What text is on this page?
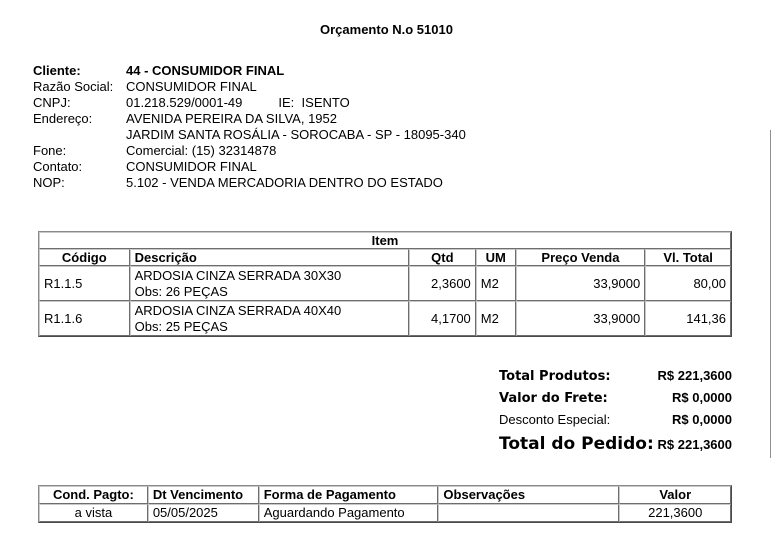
Orçamento N.o 51010
Cliente:	44 - CONSUMIDOR FINAL
Razão Social: CONSUMIDOR FINAL
CNPJ:	01.218.529/0001-49	IE: ISENTO
Endereço:	AVENIDA PEREIRA DA SILVA, 1952
JARDIM SANTA ROSÁLIA - SOROCABA - SP - 18095-340
Fone:	Comercial: (15) 32314878
Contato:	CONSUMIDOR FINAL
NOP:	5.102 - VENDA MERCADORIA DENTRO DO ESTADO
Item					
Código	Descrição	Qtd	UM	Preço Venda	Vl. Total
R1.1.5	ARDOSIA CINZA SERRADA 30X30
Obs: 26 PEÇAS	2,3600	M2	33,9000	80,00
R1.1.6	ARDOSIA CINZA SERRADA 40X40
Obs: 25 PEÇAS	4,1700	M2	33,9000	141,36
Total Produtos:	R$ 221,3600
Valor do Frete:	R$ 0,0000
Desconto Especial:	R$ 0,0000
Total do Pedido: R$ 221,3600
Cond. Pagto:	Dt Vencimento	Forma de Pagamento	Observações	Valor
a vista	05/05/2025	Aguardando Pagamento		221,3600
